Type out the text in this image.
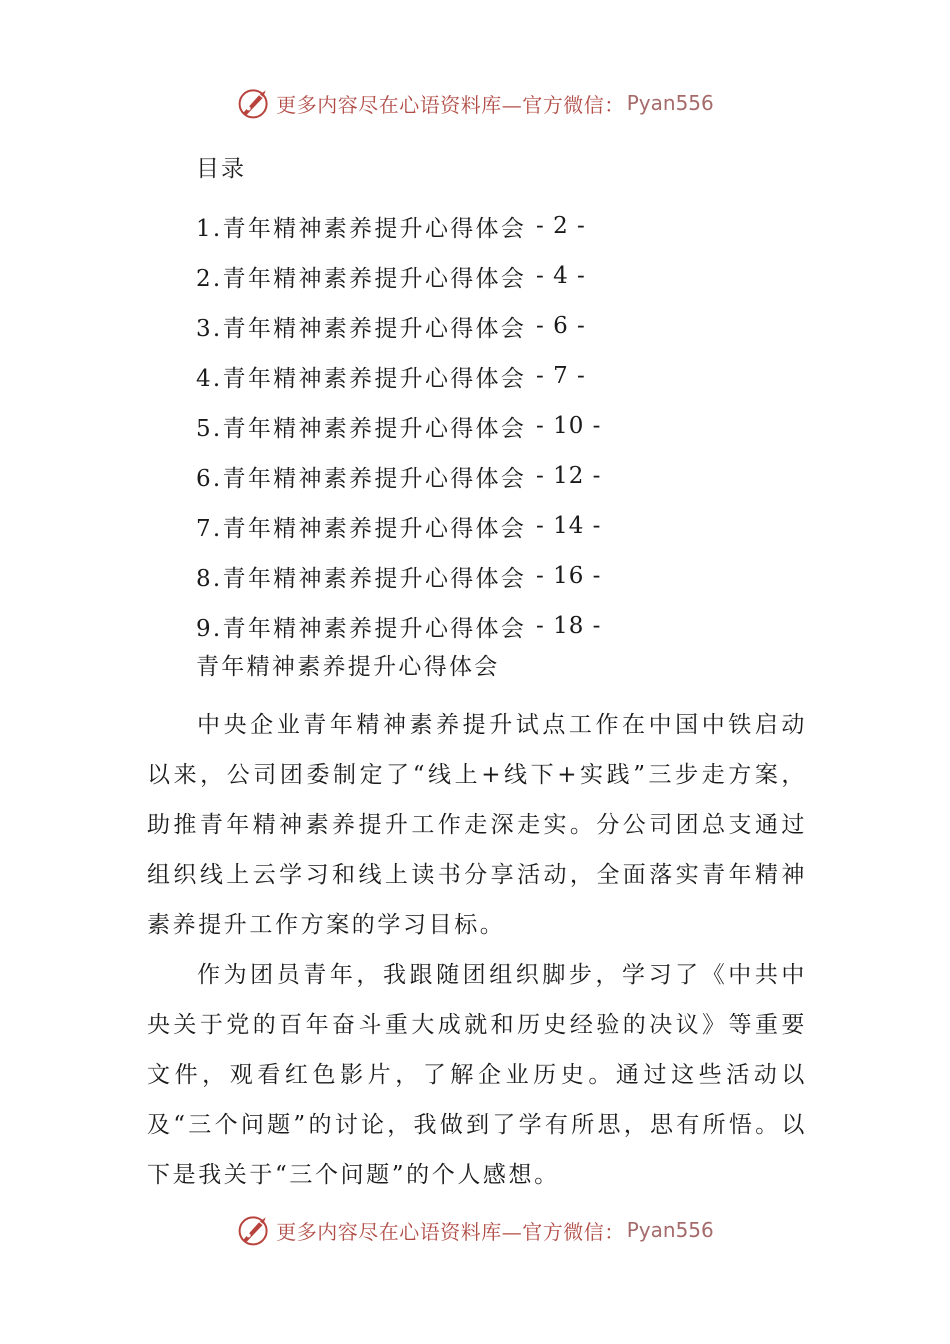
更多内容尽在心语资料库—官方微信： Pyan556
目录
1.青年精神素养提升心得体会 - 2 -
2.青年精神素养提升心得体会 - 4 -
3.青年精神素养提升心得体会 - 6 -
4.青年精神素养提升心得体会 - 7 -
5.青年精神素养提升心得体会 - 10 -
6.青年精神素养提升心得体会 - 12 -
7.青年精神素养提升心得体会 - 14 -
8.青年精神素养提升心得体会 - 16 -
9.青年精神素养提升心得体会 - 18 -
青年精神素养提升心得体会

中央企业青年精神素养提升试点工作在中国中铁启动以来，公司团委制定了“线上+线下+实践”三步走方案，助推青年精神素养提升工作走深走实。分公司团总支通过组织线上云学习和线上读书分享活动，全面落实青年精神素养提升工作方案的学习目标。

作为团员青年，我跟随团组织脚步，学习了《中共中央关于党的百年奋斗重大成就和历史经验的决议》等重要文件，观看红色影片，了解企业历史。通过这些活动以及“三个问题”的讨论，我做到了学有所思，思有所悟。以下是我关于“三个问题”的个人感想。

更多内容尽在心语资料库—官方微信： Pyan556
